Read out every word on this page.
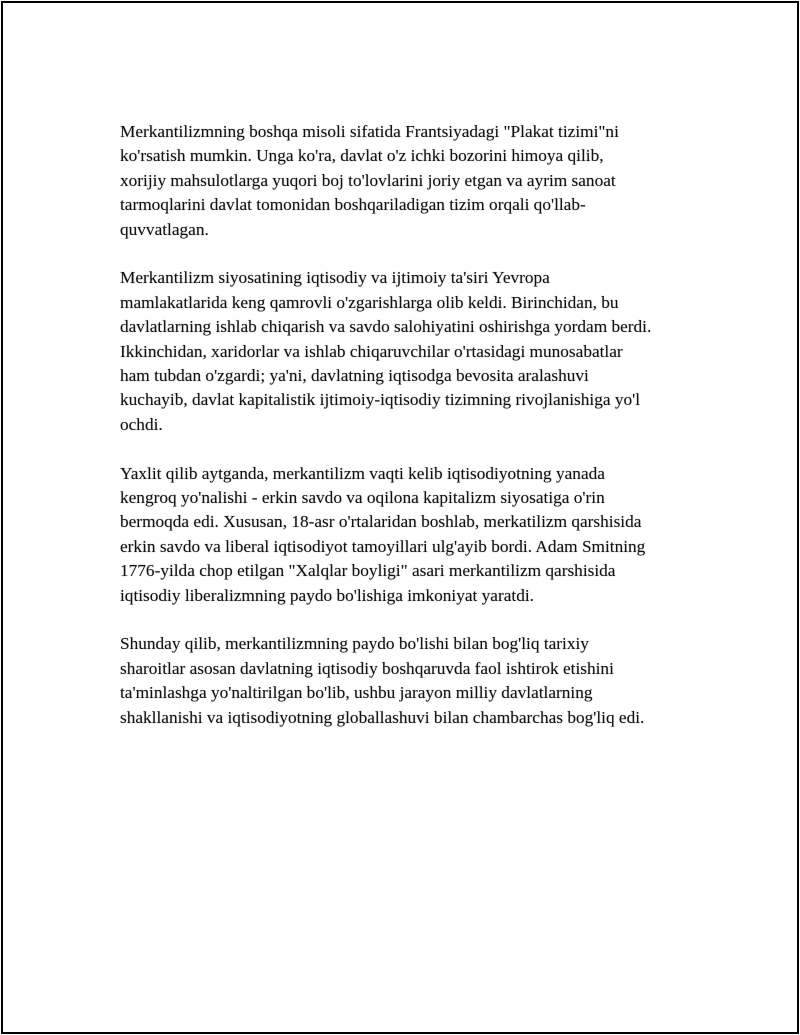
Merkantilizmning boshqa misoli sifatida Frantsiyadagi "Plakat tizimi"ni
ko'rsatish mumkin. Unga ko'ra, davlat o'z ichki bozorini himoya qilib,
xorijiy mahsulotlarga yuqori boj to'lovlarini joriy etgan va ayrim sanoat
tarmoqlarini davlat tomonidan boshqariladigan tizim orqali qo'llab-
quvvatlagan.

Merkantilizm siyosatining iqtisodiy va ijtimoiy ta'siri Yevropa
mamlakatlarida keng qamrovli o'zgarishlarga olib keldi. Birinchidan, bu
davlatlarning ishlab chiqarish va savdo salohiyatini oshirishga yordam berdi.
Ikkinchidan, xaridorlar va ishlab chiqaruvchilar o'rtasidagi munosabatlar
ham tubdan o'zgardi; ya'ni, davlatning iqtisodga bevosita aralashuvi
kuchayib, davlat kapitalistik ijtimoiy-iqtisodiy tizimning rivojlanishiga yo'l
ochdi.

Yaxlit qilib aytganda, merkantilizm vaqti kelib iqtisodiyotning yanada
kengroq yo'nalishi - erkin savdo va oqilona kapitalizm siyosatiga o'rin
bermoqda edi. Xususan, 18-asr o'rtalaridan boshlab, merkatilizm qarshisida
erkin savdo va liberal iqtisodiyot tamoyillari ulg'ayib bordi. Adam Smitning
1776-yilda chop etilgan "Xalqlar boyligi" asari merkantilizm qarshisida
iqtisodiy liberalizmning paydo bo'lishiga imkoniyat yaratdi.

Shunday qilib, merkantilizmning paydo bo'lishi bilan bog'liq tarixiy
sharoitlar asosan davlatning iqtisodiy boshqaruvda faol ishtirok etishini
ta'minlashga yo'naltirilgan bo'lib, ushbu jarayon milliy davlatlarning
shakllanishi va iqtisodiyotning globallashuvi bilan chambarchas bog'liq edi.
